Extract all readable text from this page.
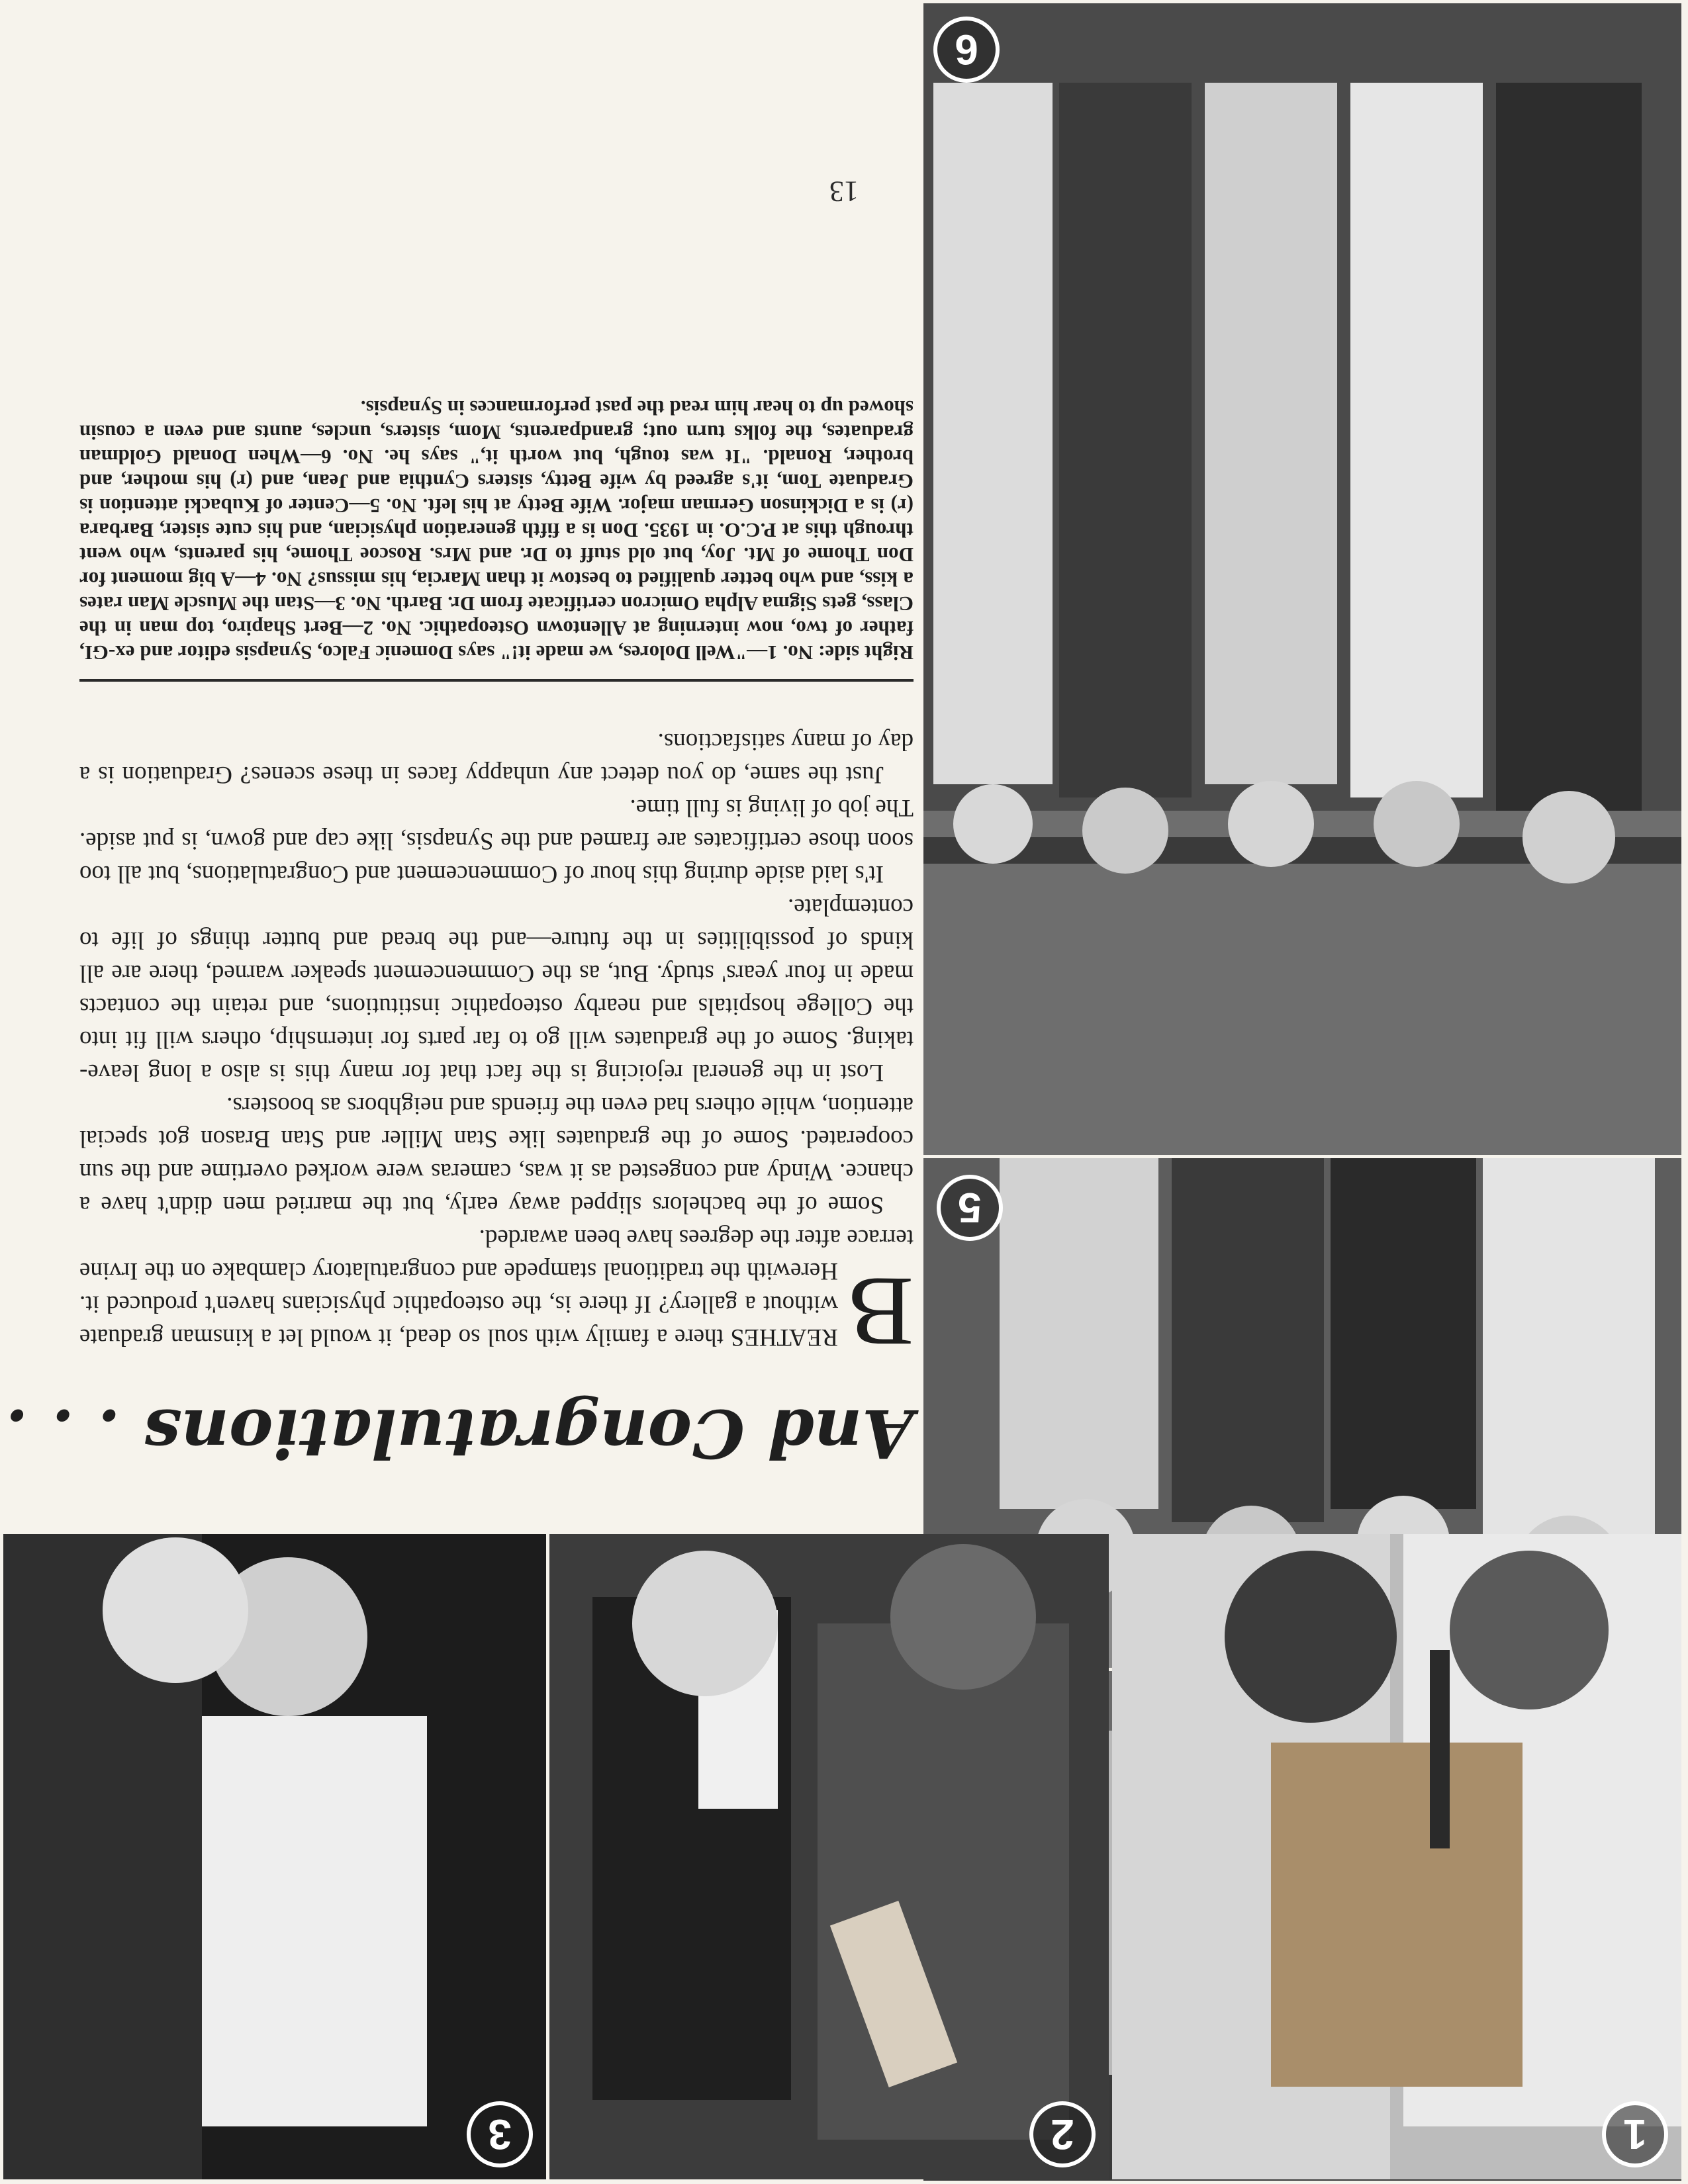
5
6
And Congratulations . . .

B
REATHES there a family with soul so dead, it would let a kinsman graduate without a gallery? If there is, the osteopathic physicians haven't produced it. Herewith the traditional stampede and congratulatory clambake on the Irvine terrace after the degrees have been awarded.

Some of the bachelors slipped away early, but the married men didn't have a chance. Windy and congested as it was, cameras were worked overtime and the sun cooperated. Some of the graduates like Stan Miller and Stan Brason got special attention, while others had even the friends and neighbors as boosters.

Lost in the general rejoicing is the fact that for many this is also a long leave-taking. Some of the graduates will go to far parts for internship, others will fit into the College hospitals and nearby osteopathic institutions, and retain the contacts made in four years' study. But, as the Commencement speaker warned, there are all kinds of possibilities in the future—and the bread and butter things of life to contemplate.

It's laid aside during this hour of Commencement and Congratulations, but all too soon those certificates are framed and the Synapsis, like cap and gown, is put aside. The job of living is full time.

Just the same, do you detect any unhappy faces in these scenes? Graduation is a day of many satisfactions.

Right side: No. 1—"Well Dolores, we made it!" says Domenic Falco, Synapsis editor and ex-GI, father of two, now interning at Allentown Osteopathic. No. 2—Bert Shapiro, top man in the Class, gets Sigma Alpha Omicron certificate from Dr. Barth. No. 3—Stan the Muscle Man rates a kiss, and who better qualified to bestow it than Marcia, his missus? No. 4—A big moment for Don Thome of Mt. Joy, but old stuff to Dr. and Mrs. Roscoe Thome, his parents, who went through this at P.C.O. in 1935. Don is a fifth generation physician, and his cute sister, Barbara (r) is a Dickinson German major. Wife Betty at his left. No. 5—Center of Kubacki attention is Graduate Tom, it's agreed by wife Betty, sisters Cynthia and Jean, and (r) his mother, and brother, Ronald. "It was tough, but worth it," says he. No. 6—When Donald Goldman graduates, the folks turn out; grandparents, Mom, sisters, uncles, aunts and even a cousin showed up to hear him read the past performances in Synapsis.
13
1
2
3
